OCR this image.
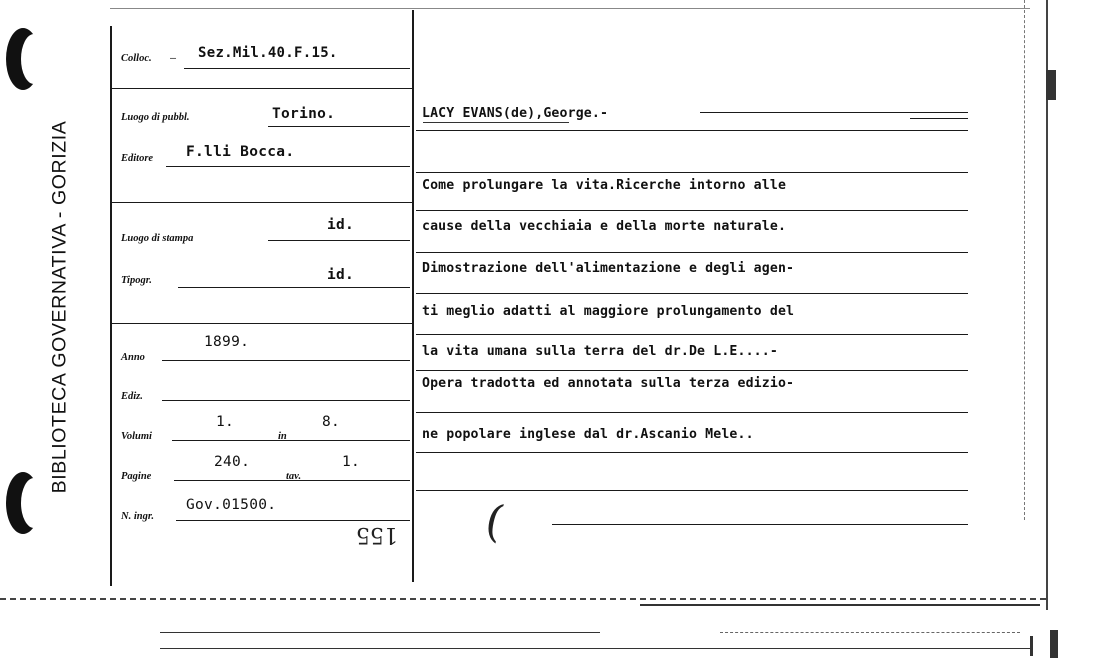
BIBLIOTECA GOVERNATIVA - GORIZIA
Colloc. — Sez.Mil.40.F.15.
Luogo di pubbl.	Torino.
Editore F.lli Bocca.
Luogo di stampa
id.
Tipogr.	id.
Anno
1899.
Ediz.
Volumi
1.
in
8.
Pagine
240.
tav.
1.
N. ingr.
Gov.01500.
155
LACY EVANS(de),George.-
Come prolungare la vita.Ricerche intorno alle
cause della vecchiaia e della morte naturale.
Dimostrazione dell'alimentazione e degli agen-
ti meglio adatti al maggiore prolungamento del
la vita umana sulla terra del dr.De L.E....-
Opera tradotta ed annotata sulla terza edizio-
ne popolare inglese dal dr.Ascanio Mele..
(
